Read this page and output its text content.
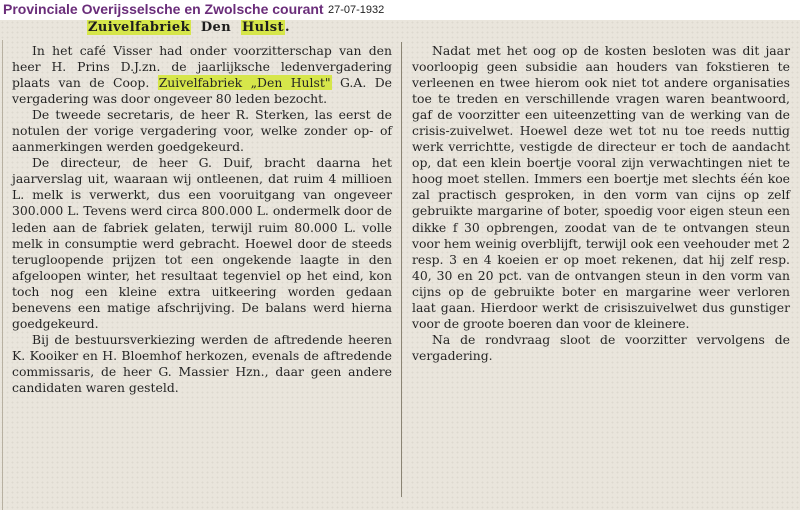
Provinciale Overijsselsche en Zwolsche courant 27-07-1932
Zuivelfabriek Den Hulst.

In het café Visser had onder voorzitterschap van den heer H. Prins D.J.zn. de jaarlijksche ledenvergadering plaats van de Coop. Zuivelfabriek „Den Hulst" G.A. De vergadering was door ongeveer 80 leden bezocht.

De tweede secretaris, de heer R. Sterken, las eerst de notulen der vorige vergadering voor, welke zonder op- of aanmerkingen werden goedgekeurd.

De directeur, de heer G. Duif, bracht daarna het jaarverslag uit, waaraan wij ontleenen, dat ruim 4 millioen L. melk is verwerkt, dus een vooruitgang van ongeveer 300.000 L. Tevens werd circa 800.000 L. ondermelk door de leden aan de fabriek gelaten, terwijl ruim 80.000 L. volle melk in consumptie werd gebracht. Hoewel door de steeds terugloopende prijzen tot een ongekende laagte in den afgeloopen winter, het resultaat tegenviel op het eind, kon toch nog een kleine extra uitkeering worden gedaan benevens een matige afschrijving. De balans werd hierna goedgekeurd.

Bij de bestuursverkiezing werden de aftredende heeren K. Kooiker en H. Bloemhof herkozen, evenals de aftredende commissaris, de heer G. Massier Hzn., daar geen andere candidaten waren gesteld.

Nadat met het oog op de kosten besloten was dit jaar voorloopig geen subsidie aan houders van fokstieren te verleenen en twee hierom ook niet tot andere organisaties toe te treden en verschillende vragen waren beantwoord, gaf de voorzitter een uiteenzetting van de werking van de crisis-zuivelwet. Hoewel deze wet tot nu toe reeds nuttig werk verrichtte, vestigde de directeur er toch de aandacht op, dat een klein boertje vooral zijn verwachtingen niet te hoog moet stellen. Immers een boertje met slechts één koe zal practisch gesproken, in den vorm van cijns op zelf gebruikte margarine of boter, spoedig voor eigen steun een dikke f 30 opbrengen, zoodat van de te ontvangen steun voor hem weinig overblijft, terwijl ook een veehouder met 2 resp. 3 en 4 koeien er op moet rekenen, dat hij zelf resp. 40, 30 en 20 pct. van de ontvangen steun in den vorm van cijns op de gebruikte boter en margarine weer verloren laat gaan. Hierdoor werkt de crisiszuivelwet dus gunstiger voor de groote boeren dan voor de kleinere.

Na de rondvraag sloot de voorzitter vervolgens de vergadering.
